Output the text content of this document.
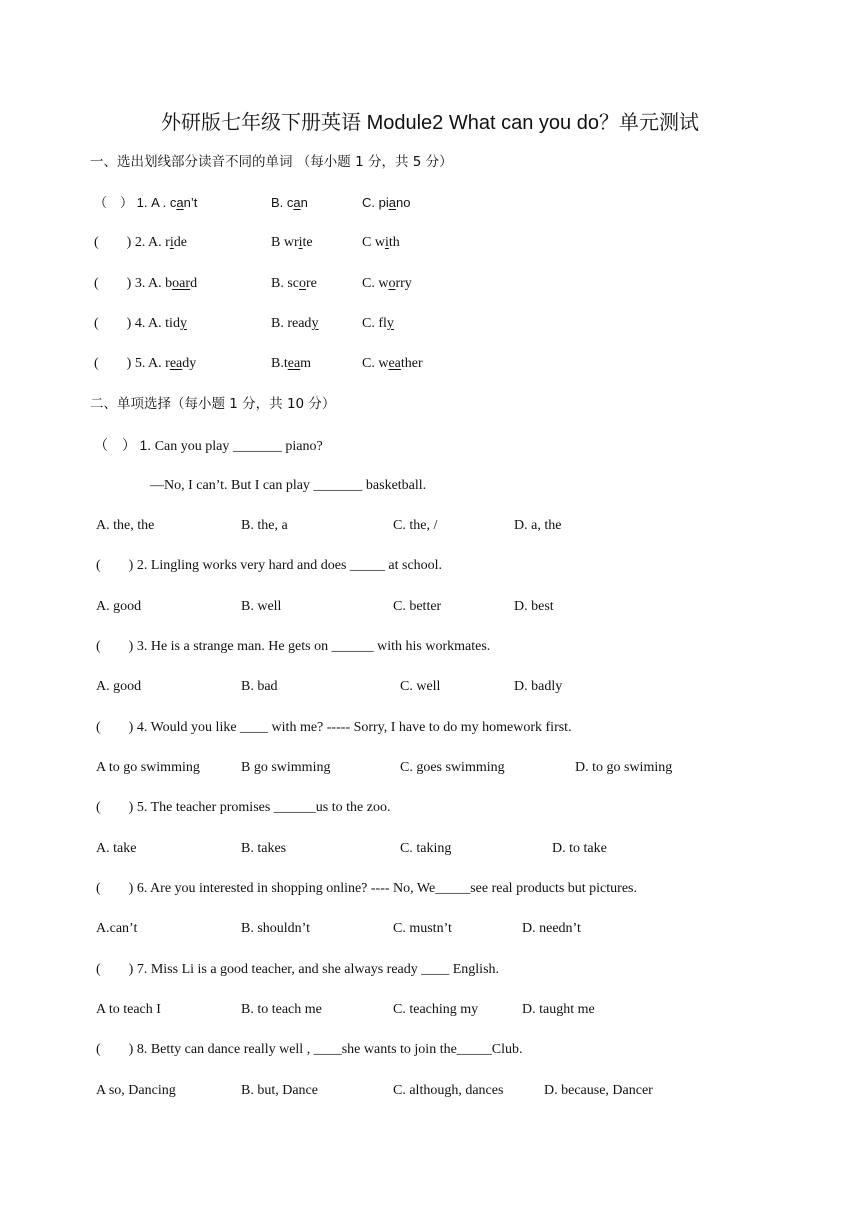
外研版七年级下册英语 Module2 What can you do？单元测试
一、选出划线部分读音不同的单词 （每小题 1 分，共 5 分）
（　） 1. A . can’t	B. can	C. piano
(　　) 2. A. ride	B write	C with
(　　) 3. A. board	B. score	C. worry
(　　) 4. A. tidy	B. ready	C. fly
(　　) 5. A. ready	B.team	C. weather
二、单项选择（每小题 1 分，共 10 分）
（　） 1. Can you play _______ piano?
—No, I can’t. But I can play _______ basketball.
A. the, the	B. the, a	C. the, /	D. a, the
(　　) 2. Lingling works very hard and does _____ at school.
A. good	B. well	C. better	D. best
(　　) 3. He is a strange man. He gets on ______ with his workmates.
A. good	B. bad	C. well	D. badly
(　　) 4. Would you like ____ with me? ----- Sorry, I have to do my homework first.
A to go swimming	B go swimming	C. goes swimming	D. to go swiming
(　　) 5. The teacher promises ______us to the zoo.
A. take	B. takes	C. taking	D. to take
(　　) 6. Are you interested in shopping online? ---- No, We_____see real products but pictures.
A.can’t	B. shouldn’t	C. mustn’t	D. needn’t
(　　) 7. Miss Li is a good teacher, and she always ready ____ English.
A to teach I	B. to teach me	C. teaching my	D. taught me
(　　) 8. Betty can dance really well , ____she wants to join the_____Club.
A so, Dancing	B. but, Dance	C. although, dances	D. because, Dancer
